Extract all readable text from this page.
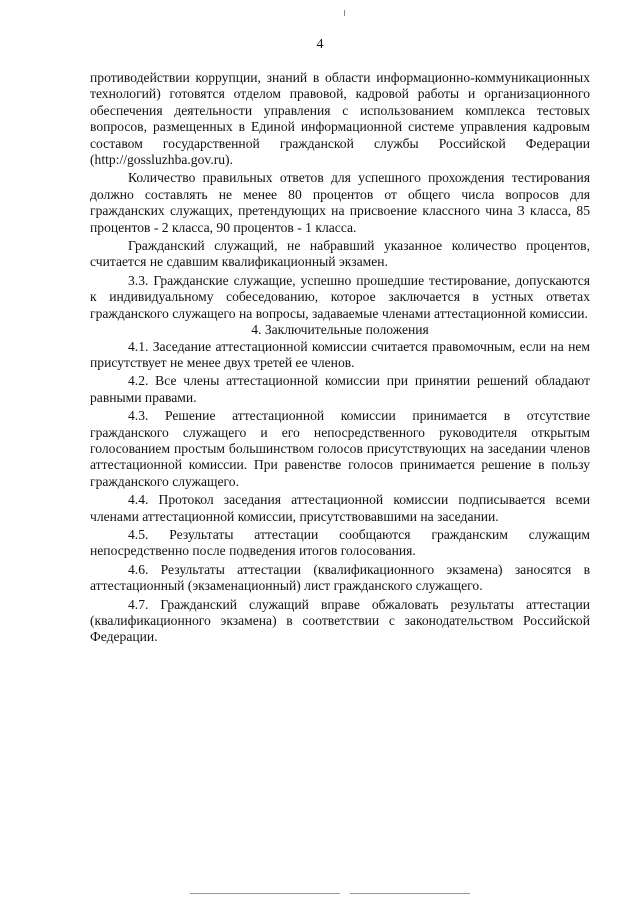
4

противодействии коррупции, знаний в области информационно-коммуникационных технологий) готовятся отделом правовой, кадровой работы и организационного обеспечения деятельности управления с использованием комплекса тестовых вопросов, размещенных в Единой информационной системе управления кадровым составом государственной гражданской службы Российской Федерации (http://gossluzhba.gov.ru).

Количество правильных ответов для успешного прохождения тестирования должно составлять не менее 80 процентов от общего числа вопросов для гражданских служащих, претендующих на присвоение классного чина 3 класса, 85 процентов - 2 класса, 90 процентов - 1 класса.

Гражданский служащий, не набравший указанное количество процентов, считается не сдавшим квалификационный экзамен.

3.3. Гражданские служащие, успешно прошедшие тестирование, допускаются к индивидуальному собеседованию, которое заключается в устных ответах гражданского служащего на вопросы, задаваемые членами аттестационной комиссии.

4. Заключительные положения

4.1. Заседание аттестационной комиссии считается правомочным, если на нем присутствует не менее двух третей ее членов.

4.2. Все члены аттестационной комиссии при принятии решений обладают равными правами.

4.3. Решение аттестационной комиссии принимается в отсутствие гражданского служащего и его непосредственного руководителя открытым голосованием простым большинством голосов присутствующих на заседании членов аттестационной комиссии. При равенстве голосов принимается решение в пользу гражданского служащего.

4.4. Протокол заседания аттестационной комиссии подписывается всеми членами аттестационной комиссии, присутствовавшими на заседании.

4.5. Результаты аттестации сообщаются гражданским служащим непосредственно после подведения итогов голосования.

4.6. Результаты аттестации (квалификационного экзамена) заносятся в аттестационный (экзаменационный) лист гражданского служащего.

4.7. Гражданский служащий вправе обжаловать результаты аттестации (квалификационного экзамена) в соответствии с законодательством Российской Федерации.
